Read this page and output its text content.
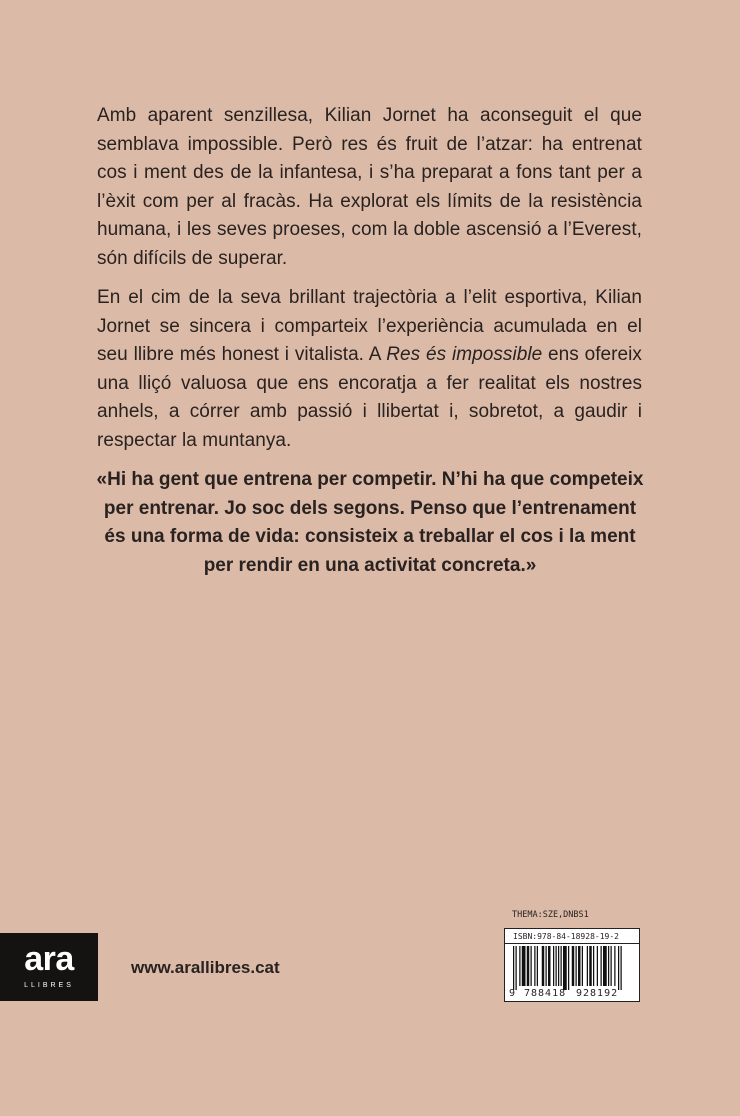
Amb aparent senzillesa, Kilian Jornet ha aconseguit el que semblava impossible. Però res és fruit de l’atzar: ha entrenat cos i ment des de la infantesa, i s’ha preparat a fons tant per a l’èxit com per al fracàs. Ha explorat els límits de la resistència humana, i les seves proeses, com la doble ascensió a l’Everest, són difícils de superar.

En el cim de la seva brillant trajectòria a l’elit esportiva, Kilian Jornet se sincera i comparteix l’experiència acumulada en el seu llibre més honest i vitalista. A Res és impossible ens ofereix una lliçó valuosa que ens encoratja a fer realitat els nostres anhels, a córrer amb passió i llibertat i, sobretot, a gaudir i respectar la muntanya.

«Hi ha gent que entrena per competir. N’hi ha que competeix
per entrenar. Jo soc dels segons. Penso que l’entrenament
és una forma de vida: consisteix a treballar el cos i la ment
per rendir en una activitat concreta.»
ara
LLIBRES
www.arallibres.cat
THEMA:SZE,DNBS1
ISBN:978-84-18928-19-2
9 788418 928192
